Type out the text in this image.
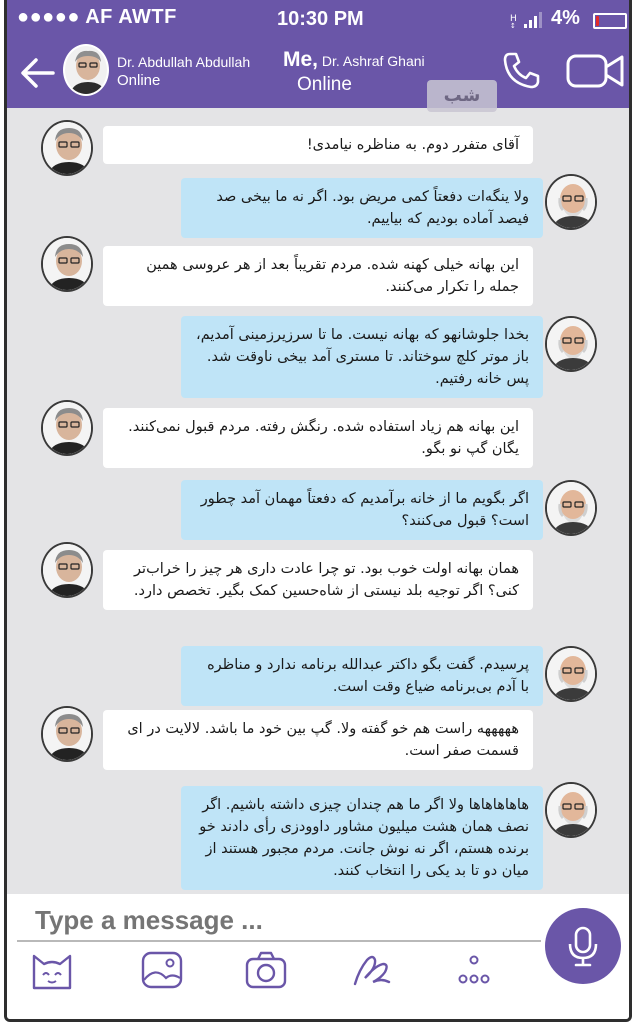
●●●●● AF AWTF	10:30 PM	H
↕ 4%
Dr. Abdullah Abdullah
Online
Me, Dr. Ashraf Ghani
Online
شب
آقای متفرر دوم. به مناظره نیامدی!
ولا ینگه‌ات دفعتاً کمی مریض بود. اگر نه ما بیخی صد فیصد آماده بودیم که بیاییم.
این بهانه خیلی کهنه شده. مردم تقریباً بعد از هر عروسی همین جمله را تکرار می‌کنند.
بخدا جلوشانهو که بهانه نیست. ما تا سرزیرزمینی آمدیم، باز موتر کلچ سوختاند. تا مستری آمد بیخی ناوقت شد. پس خانه رفتیم.
این بهانه هم زیاد استفاده شده. رنگش رفته. مردم قبول نمی‌کنند. یگان گپ نو بگو.
اگر بگویم ما از خانه برآمدیم که دفعتاً مهمان آمد چطور است؟ قبول می‌کنند؟
همان بهانه اولت خوب بود. تو چرا عادت داری هر چیز را خراب‌تر کنی؟ اگر توجیه بلد نیستی از شاه‌حسین کمک بگیر. تخصص دارد.
پرسیدم. گفت بگو داکتر عبدالله برنامه ندارد و مناظره با آدم بی‌برنامه ضیاع وقت است.
هههههه راست هم خو گفته ولا. گپ بین خود ما باشد. لالایت در ای قسمت صفر است.
هاهاهاهاها ولا اگر ما هم چندان چیزی داشته باشیم. اگر نصف همان هشت میلیون مشاور داوودزی رأی دادند خو برنده هستم، اگر نه نوش جانت. مردم مجبور هستند از میان دو تا بد یکی را انتخاب کنند.
Type a message ...
